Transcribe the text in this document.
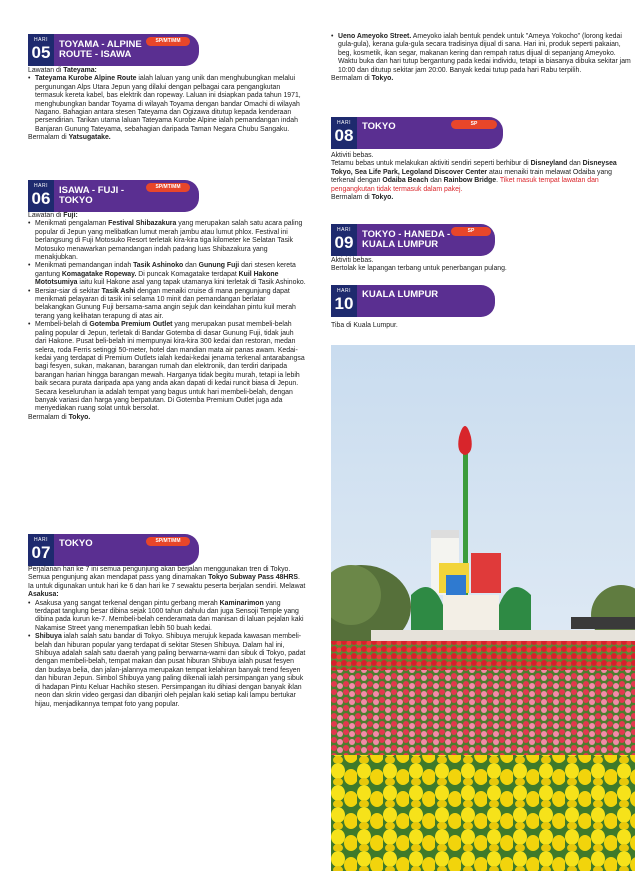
HARI
05 TOYAMA - ALPINE
ROUTE - ISAWA
SP/MT/MM

Lawatan di Tateyama:

• Tateyama Kurobe Alpine Route ialah laluan yang unik dan menghubungkan melalui pergunungan Alps Utara Jepun yang dilalui dengan pelbagai cara pengangkutan termasuk kereta kabel, bas elektrik dan ropeway. Laluan ini dsiapkan pada tahun 1971, menghubungkan bandar Toyama di wilayah Toyama dengan bandar Omachi di wilayah Nagano. Bahagian antara stesen Tateyama dan Ogizawa ditutup kepada kenderaan persendirian. Tarikan utama laluan Tateyama Kurobe Alpine ialah pemandangan indah Banjaran Gunung Tateyama, sebahagian daripada Taman Negara Chubu Sangaku.

Bermalam di Yatsugatake.

HARI
06 ISAWA - FUJI -
TOKYO
SP/MT/MM

Lawatan di Fuji:

• Menikmati pengalaman Festival Shibazakura yang merupakan salah satu acara paling popular di Jepun yang melibatkan lumut merah jambu atau lumut phlox. Festival ini berlangsung di Fuji Motosuko Resort terletak kira-kira tiga kilometer ke Selatan Tasik Motosuko menawarkan pemandangan indah padang luas Shibazakura yang menakjubkan.
• Menikmati pemandangan indah Tasik Ashinoko dan Gunung Fuji dari stesen kereta gantung Komagatake Ropeway. Di puncak Komagatake terdapat Kuil Hakone Mototsumiya iaitu kuil Hakone asal yang tapak utamanya kini terletak di Tasik Ashinoko.
• Bersiar-siar di sekitar Tasik Ashi dengan menaiki cruise di mana pengunjung dapat menikmati pelayaran di tasik ini selama 10 minit dan pemandangan berlatar belakangkan Gunung Fuji bersama-sama angin sejuk dan keindahan pintu kuil merah terang yang kelihatan terapung di atas air.
• Membeli-belah di Gotemba Premium Outlet yang merupakan pusat membeli-belah paling popular di Jepun, terletak di Bandar Gotemba di dasar Gunung Fuji, tidak jauh dari Hakone. Pusat beli-belah ini mempunyai kira-kira 300 kedai dan restoran, medan selera, roda Ferris setinggi 50-meter, hotel dan mandian mata air panas awam. Kedai-kedai yang terdapat di Premium Outlets ialah kedai-kedai jenama terkenal antarabangsa bagi fesyen, sukan, makanan, barangan rumah dan elektronik, dan terdiri daripada barangan harian hingga barangan mewah. Harganya tidak begitu murah, tetapi ia lebih baik secara purata daripada apa yang anda akan dapati di kedai runcit biasa di Jepun. Secara keseluruhan ia adalah tempat yang bagus untuk hari membeli-belah, dengan banyak variasi dan harga yang berpatutan. Di Gotemba Premium Outlet juga ada menyediakan ruang solat untuk bersolat.

Bermalam di Tokyo.

HARI
07 TOKYO	SP/MT/MM

Perjalanan hari ke 7 ini semua pengunjung akan berjalan menggunakan tren di Tokyo. Semua pengunjung akan mendapat pass yang dinamakan Tokyo Subway Pass 48HRS. Ia untuk digunakan untuk hari ke 6 dan hari ke 7 sewaktu peserta berjalan sendiri. Melawat Asakusa:

• Asakusa yang sangat terkenal dengan pintu gerbang merah Kaminarimon yang terdapat tanglung besar dibina sejak 1000 tahun dahulu dan juga Sensoji Temple yang dibina pada kurun ke-7. Membeli-belah cenderamata dan manisan di laluan pejalan kaki Nakamise Street yang menempatkan lebih 50 buah kedai.
• Shibuya ialah salah satu bandar di Tokyo. Shibuya merujuk kepada kawasan membeli-belah dan hiburan popular yang terdapat di sekitar Stesen Shibuya. Dalam hal ini, Shibuya adalah salah satu daerah yang paling berwarna-warni dan sibuk di Tokyo, padat dengan membeli-belah, tempat makan dan pusat hiburan Shibuya ialah pusat fesyen dan budaya belia, dan jalan-jalannya merupakan tempat kelahiran banyak trend fesyen dan hiburan Jepun. Simbol Shibuya yang paling dikenali ialah persimpangan yang sibuk di hadapan Pintu Keluar Hachiko stesen. Persimpangan itu dihiasi dengan banyak iklan neon dan skrin video gergasi dan dibanjiri oleh pejalan kaki setiap kali lampu bertukar hijau, menjadikannya tempat foto yang popular.
• Ueno Ameyoko Street. Ameyoko ialah bentuk pendek untuk "Ameya Yokocho" (lorong kedai gula-gula), kerana gula-gula secara tradisinya dijual di sana. Hari ini, produk seperti pakaian, beg, kosmetik, ikan segar, makanan kering dan rempah ratus dijual di sepanjang Ameyoko. Waktu buka dan hari tutup bergantung pada kedai individu, tetapi ia biasanya dibuka sekitar jam 10:00 dan ditutup sekitar jam 20:00. Banyak kedai tutup pada hari Rabu terpilih.

Bermalam di Tokyo.

HARI
08 TOKYO	SP

Aktiviti bebas.

Tetamu bebas untuk melakukan aktiviti sendiri seperti berhibur di Disneyland dan Disneysea Tokyo, Sea Life Park, Legoland Discover Center atau menaiki train melawat Odaiba yang terkenal dengan Odaiba Beach dan Rainbow Bridge. Tiket masuk tempat lawatan dan pengangkutan tidak termasuk dalam pakej.

Bermalam di Tokyo.

HARI
09 TOKYO - HANEDA -
KUALA LUMPUR
SP

Aktiviti bebas.

Bertolak ke lapangan terbang untuk penerbangan pulang.

HARI
10 KUALA LUMPUR

Tiba di Kuala Lumpur.
